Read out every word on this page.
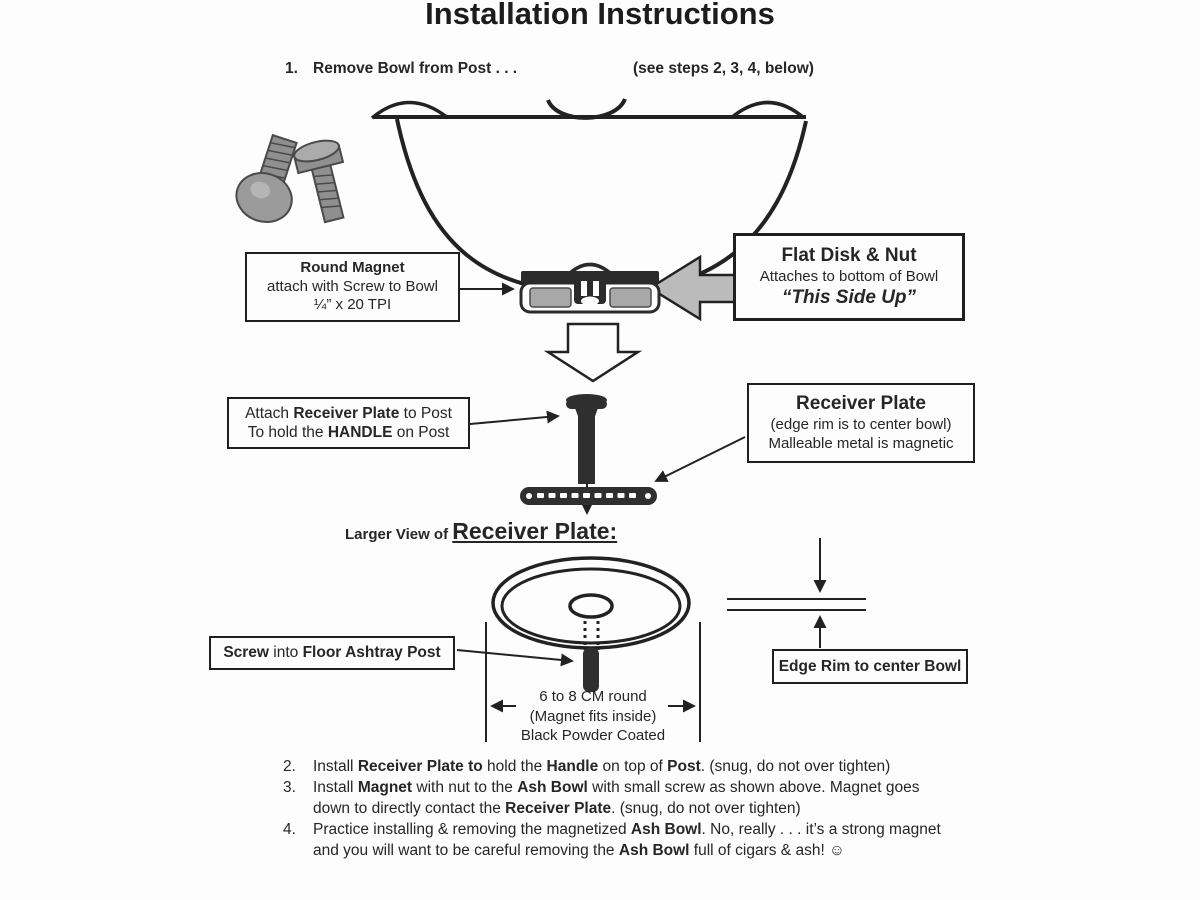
Installation Instructions
1. Remove Bowl from Post . . .	(see steps 2, 3, 4, below)
Round Magnet
attach with Screw to Bowl
¼” x 20 TPI
Flat Disk & Nut
Attaches to bottom of Bowl
“This Side Up”
Attach Receiver Plate to Post
To hold the HANDLE on Post
Receiver Plate
(edge rim is to center bowl)
Malleable metal is magnetic
Larger View of Receiver Plate:
Screw into Floor Ashtray Post
Edge Rim to center Bowl
6 to 8 CM round
(Magnet fits inside)
Black Powder Coated
2.	Install Receiver Plate to hold the Handle on top of Post. (snug, do not over tighten)
3.	Install Magnet with nut to the Ash Bowl with small screw as shown above. Magnet goes
down to directly contact the Receiver Plate. (snug, do not over tighten)
4.	Practice installing & removing the magnetized Ash Bowl. No, really . . . it’s a strong magnet
and you will want to be careful removing the Ash Bowl full of cigars & ash! ☺
